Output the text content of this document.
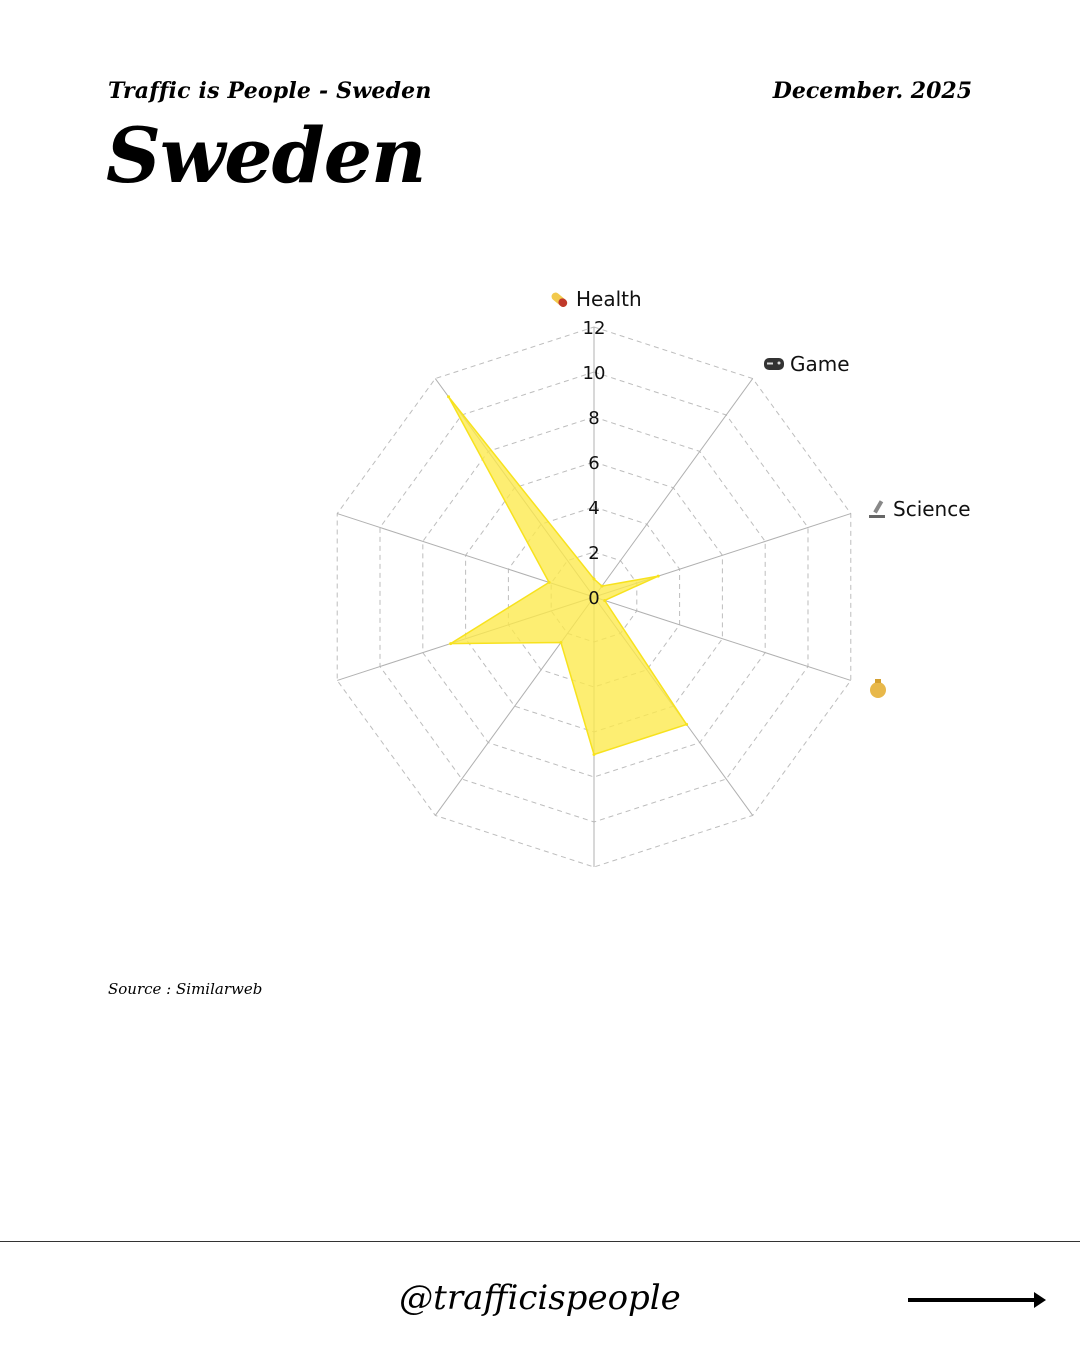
Traffic is People - Sweden	December. 2025
Sweden
0
2
4
6
8
10
12
Health
Game
Science
Source : Similarweb
@trafficispeople
